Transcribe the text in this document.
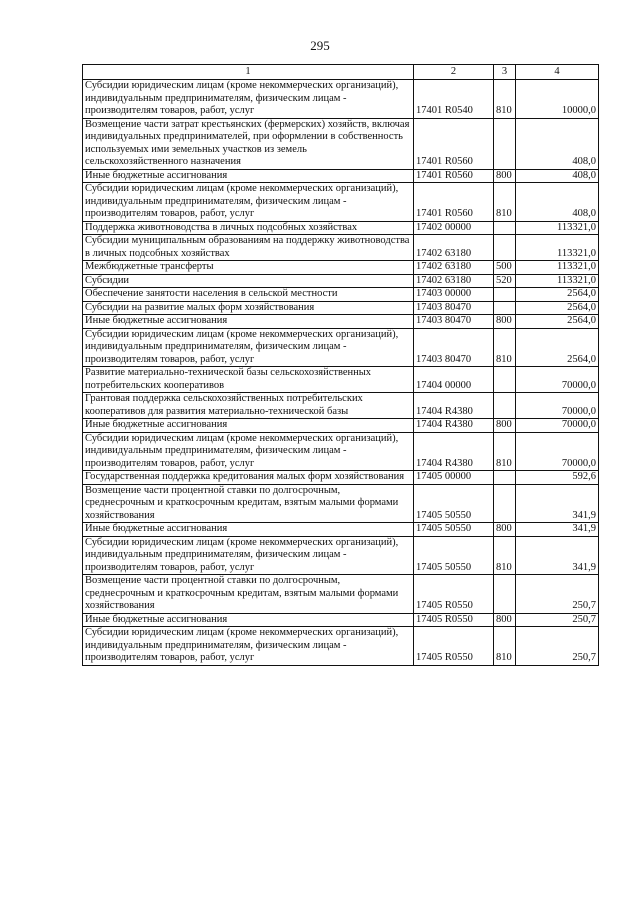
295
1	2	3	4
Субсидии юридическим лицам (кроме некоммерческих организаций), индивидуальным предпринимателям, физическим лицам - производителям товаров, работ, услуг	17401 R0540	810	10000,0
Возмещение части затрат крестьянских (фермерских) хозяйств, включая индивидуальных предпринимателей, при оформлении в собственность используемых ими земельных участков из земель сельскохозяйственного назначения	17401 R0560		408,0
Иные бюджетные ассигнования	17401 R0560	800	408,0
Субсидии юридическим лицам (кроме некоммерческих организаций), индивидуальным предпринимателям, физическим лицам - производителям товаров, работ, услуг	17401 R0560	810	408,0
Поддержка животноводства в личных подсобных хозяйствах	17402 00000		113321,0
Субсидии муниципальным образованиям на поддержку животноводства в личных подсобных хозяйствах	17402 63180		113321,0
Межбюджетные трансферты	17402 63180	500	113321,0
Субсидии	17402 63180	520	113321,0
Обеспечение занятости населения в сельской местности	17403 00000		2564,0
Субсидии на развитие малых форм хозяйствования	17403 80470		2564,0
Иные бюджетные ассигнования	17403 80470	800	2564,0
Субсидии юридическим лицам (кроме некоммерческих организаций), индивидуальным предпринимателям, физическим лицам - производителям товаров, работ, услуг	17403 80470	810	2564,0
Развитие материально-технической базы сельскохозяйственных потребительских кооперативов	17404 00000		70000,0
Грантовая поддержка сельскохозяйственных потребительских кооперативов для развития материально-технической базы	17404 R4380		70000,0
Иные бюджетные ассигнования	17404 R4380	800	70000,0
Субсидии юридическим лицам (кроме некоммерческих организаций), индивидуальным предпринимателям, физическим лицам - производителям товаров, работ, услуг	17404 R4380	810	70000,0
Государственная поддержка кредитования малых форм хозяйствования	17405 00000		592,6
Возмещение части процентной ставки по долгосрочным, среднесрочным и краткосрочным кредитам, взятым малыми формами хозяйствования	17405 50550		341,9
Иные бюджетные ассигнования	17405 50550	800	341,9
Субсидии юридическим лицам (кроме некоммерческих организаций), индивидуальным предпринимателям, физическим лицам - производителям товаров, работ, услуг	17405 50550	810	341,9
Возмещение части процентной ставки по долгосрочным, среднесрочным и краткосрочным кредитам, взятым малыми формами хозяйствования	17405 R0550		250,7
Иные бюджетные ассигнования	17405 R0550	800	250,7
Субсидии юридическим лицам (кроме некоммерческих организаций), индивидуальным предпринимателям, физическим лицам - производителям товаров, работ, услуг	17405 R0550	810	250,7
